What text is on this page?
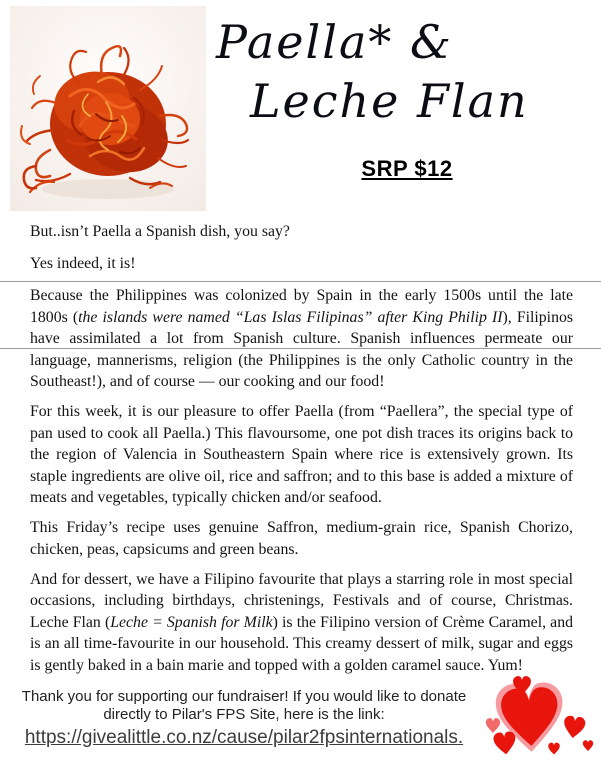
Paella* &
Leche Flan
SRP $12

But..isn’t Paella a Spanish dish, you say?

Yes indeed, it is!

Because the Philippines was colonized by Spain in the early 1500s until the late 1800s (the islands were named “Las Islas Filipinas” after King Philip II), Filipinos have assimilated a lot from Spanish culture. Spanish influences permeate our language, mannerisms, religion (the Philippines is the only Catholic country in the Southeast!), and of course — our cooking and our food!

For this week, it is our pleasure to offer Paella (from “Paellera”, the special type of pan used to cook all Paella.) This flavoursome, one pot dish traces its origins back to the region of Valencia in Southeastern Spain where rice is extensively grown. Its staple ingredients are olive oil, rice and saffron; and to this base is added a mixture of meats and vegetables, typically chicken and/or seafood.

This Friday’s recipe uses genuine Saffron, medium-grain rice, Spanish Chorizo, chicken, peas, capsicums and green beans.

And for dessert, we have a Filipino favourite that plays a starring role in most special occasions, including birthdays, christenings, Festivals and of course, Christmas. Leche Flan (Leche = Spanish for Milk) is the Filipino version of Crème Caramel, and is an all time-favourite in our household. This creamy dessert of milk, sugar and eggs is gently baked in a bain marie and topped with a golden caramel sauce. Yum!

Thank you for supporting our fundraiser! If you would like to donate
directly to Pilar's FPS Site, here is the link:
https://givealittle.co.nz/cause/pilar2fpsinternationals.
